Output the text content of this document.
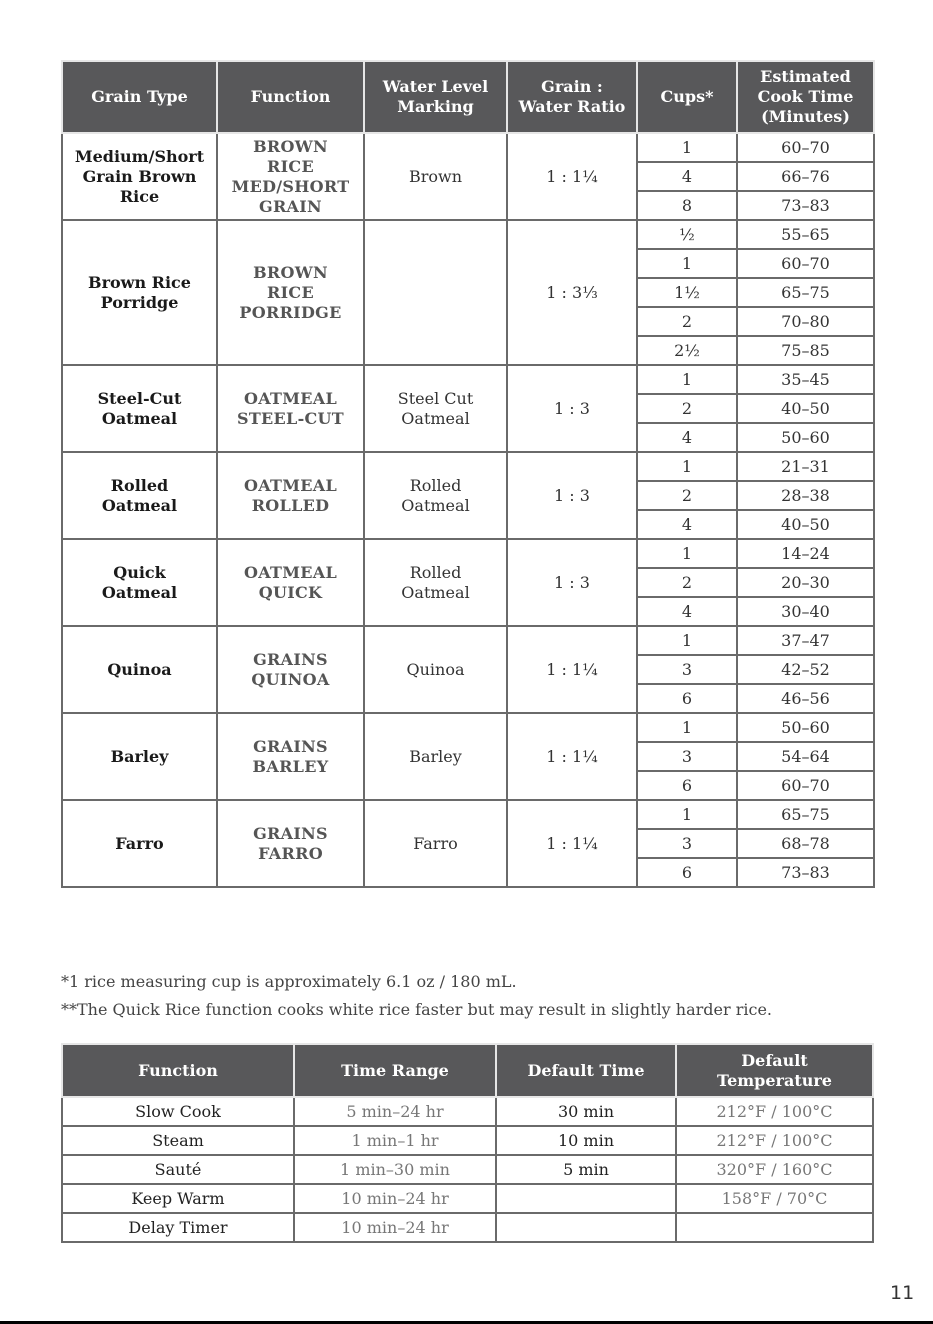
Grain Type	Function	Water Level Marking	Grain : Water Ratio	Cups*	Estimated Cook Time (Minutes)
Medium/Short Grain Brown Rice	BROWN RICE MED/SHORT GRAIN	Brown	1 : 1¼	1	60–70
				4	66–76
				8	73–83
Brown Rice Porridge	BROWN RICE PORRIDGE		1 : 3⅓	½	55–65
				1	60–70
				1½	65–75
				2	70–80
				2½	75–85
Steel-Cut Oatmeal	OATMEAL STEEL-CUT	Steel Cut Oatmeal	1 : 3	1	35–45
				2	40–50
				4	50–60
Rolled Oatmeal	OATMEAL ROLLED	Rolled Oatmeal	1 : 3	1	21–31
				2	28–38
				4	40–50
Quick Oatmeal	OATMEAL QUICK	Rolled Oatmeal	1 : 3	1	14–24
				2	20–30
				4	30–40
Quinoa	GRAINS QUINOA	Quinoa	1 : 1¼	1	37–47
				3	42–52
				6	46–56
Barley	GRAINS BARLEY	Barley	1 : 1¼	1	50–60
				3	54–64
				6	60–70
Farro	GRAINS FARRO	Farro	1 : 1¼	1	65–75
				3	68–78
				6	73–83
*1 rice measuring cup is approximately 6.1 oz / 180 mL.
**The Quick Rice function cooks white rice faster but may result in slightly harder rice.
Function	Time Range	Default Time	Default Temperature
Slow Cook	5 min–24 hr	30 min	212°F / 100°C
Steam	1 min–1 hr	10 min	212°F / 100°C
Sauté	1 min–30 min	5 min	320°F / 160°C
Keep Warm	10 min–24 hr		158°F / 70°C
Delay Timer	10 min–24 hr		
11
